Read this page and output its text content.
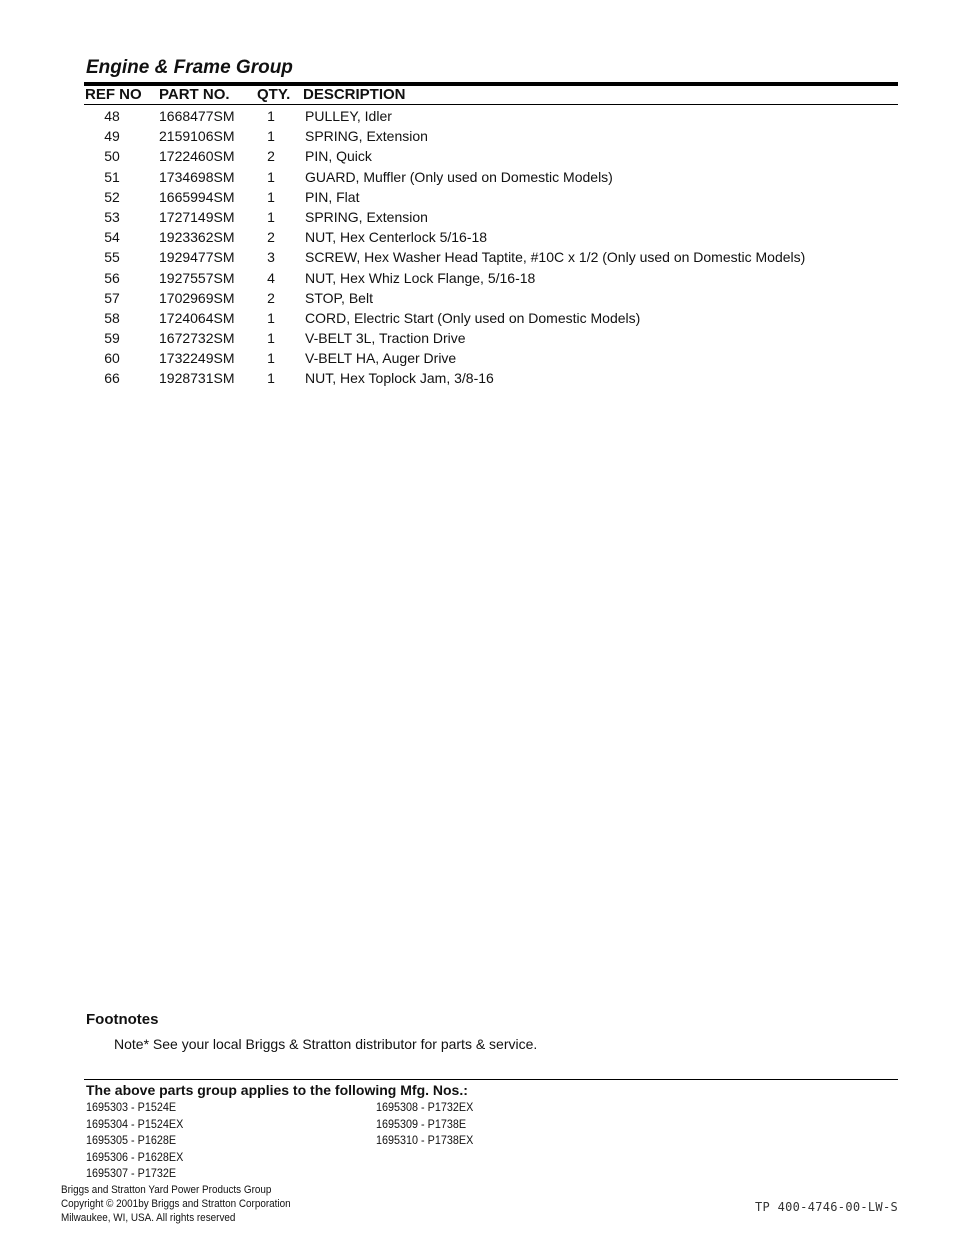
Engine & Frame Group
REF NO PART NO. QTY. DESCRIPTION
48	1668477SM	1	PULLEY, Idler
49	2159106SM	1	SPRING, Extension
50	1722460SM	2	PIN, Quick
51	1734698SM	1	GUARD, Muffler (Only used on Domestic Models)
52	1665994SM	1	PIN, Flat
53	1727149SM	1	SPRING, Extension
54	1923362SM	2	NUT, Hex Centerlock 5/16-18
55	1929477SM	3	SCREW, Hex Washer Head Taptite, #10C x 1/2 (Only used on Domestic Models)
56	1927557SM	4	NUT, Hex Whiz Lock Flange, 5/16-18
57	1702969SM	2	STOP, Belt
58	1724064SM	1	CORD, Electric Start (Only used on Domestic Models)
59	1672732SM	1	V-BELT 3L, Traction Drive
60	1732249SM	1	V-BELT HA, Auger Drive
66	1928731SM	1	NUT, Hex Toplock Jam, 3/8-16
Footnotes
Note* See your local Briggs & Stratton distributor for parts & service.
The above parts group applies to the following Mfg. Nos.:
1695303 - P1524E
1695304 - P1524EX
1695305 - P1628E
1695306 - P1628EX
1695307 - P1732E
1695308 - P1732EX
1695309 - P1738E
1695310 - P1738EX
Briggs and Stratton Yard Power Products Group
Copyright © 2001by Briggs and Stratton Corporation
Milwaukee, WI, USA. All rights reserved
TP 400-4746-00-LW-S
